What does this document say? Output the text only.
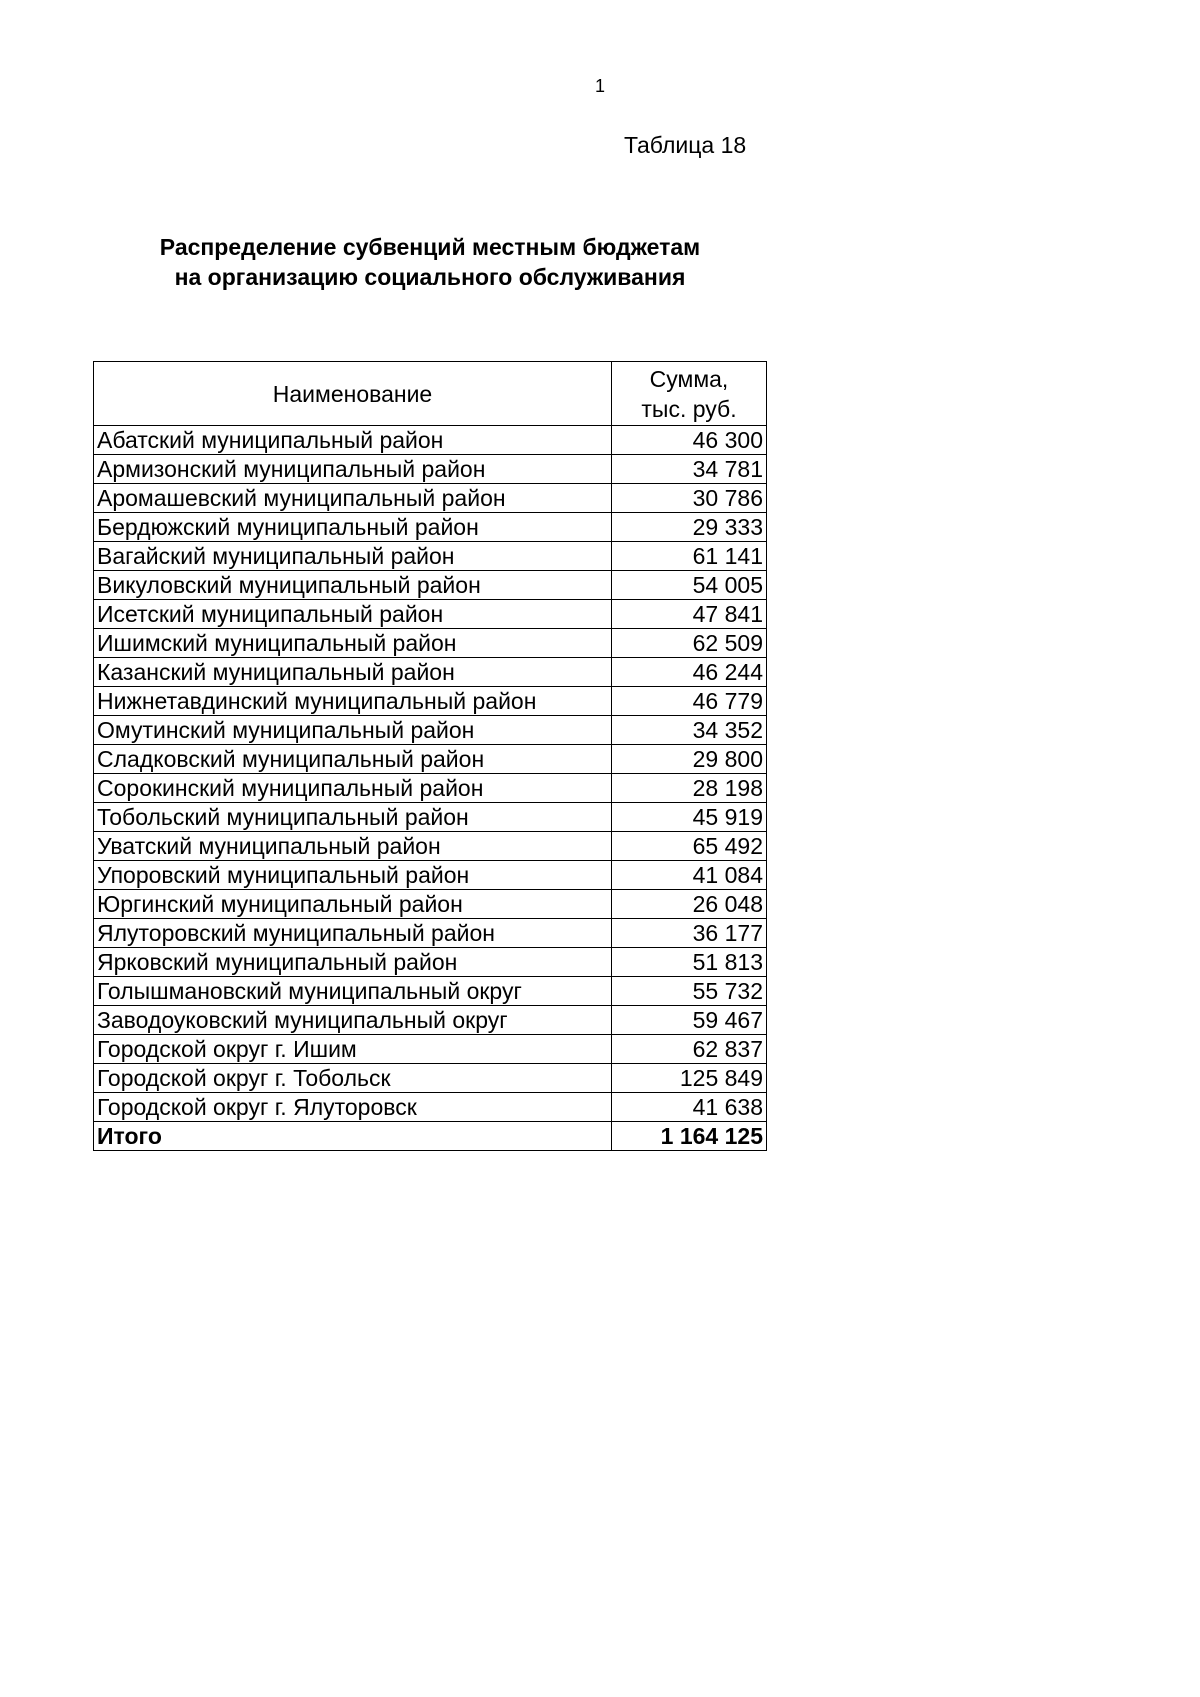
1

Таблица 18

Распределение субвенций местным бюджетам
на организацию социального обслуживания
Наименование	Сумма,
тыс. руб.

Абатский муниципальный район	46 300
Армизонский муниципальный район	34 781
Аромашевский муниципальный район	30 786
Бердюжский муниципальный район	29 333
Вагайский муниципальный район	61 141
Викуловский муниципальный район	54 005
Исетский муниципальный район	47 841
Ишимский муниципальный район	62 509
Казанский муниципальный район	46 244
Нижнетавдинский муниципальный район	46 779
Омутинский муниципальный район	34 352
Сладковский муниципальный район	29 800
Сорокинский муниципальный район	28 198
Тобольский муниципальный район	45 919
Уватский муниципальный район	65 492
Упоровский муниципальный район	41 084
Юргинский муниципальный район	26 048
Ялуторовский муниципальный район	36 177
Ярковский муниципальный район	51 813
Голышмановский муниципальный округ	55 732
Заводоуковский муниципальный округ	59 467
Городской округ г. Ишим	62 837
Городской округ г. Тобольск	125 849
Городской округ г. Ялуторовск	41 638
Итого	1 164 125
